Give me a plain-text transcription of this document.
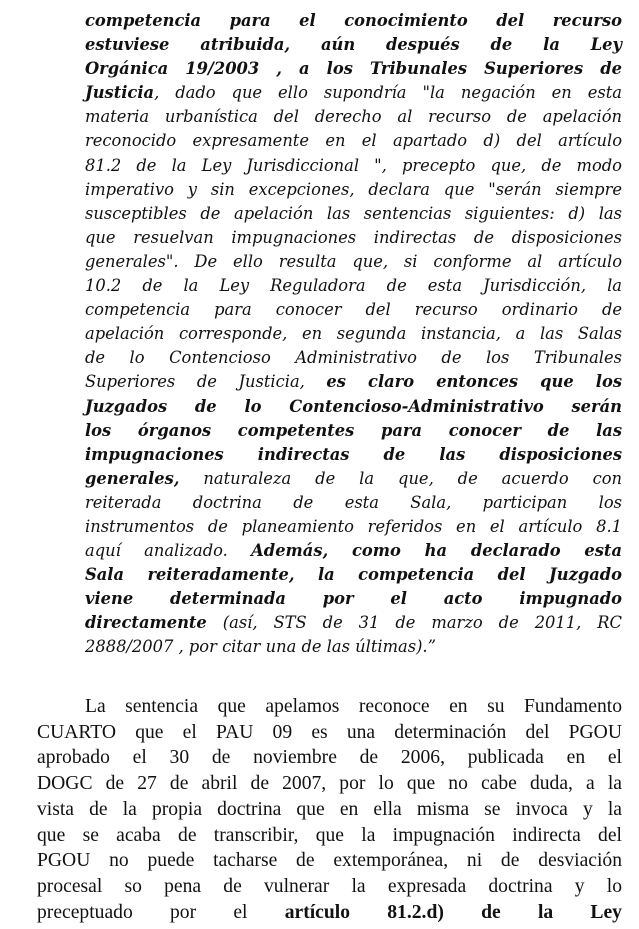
competencia para el conocimiento del recurso
estuviese atribuida, aún después de la Ley
Orgánica 19/2003 , a los Tribunales Superiores de
Justicia, dado que ello supondría "la negación en esta
materia urbanística del derecho al recurso de apelación
reconocido expresamente en el apartado d) del artículo
81.2 de la Ley Jurisdiccional ", precepto que, de modo
imperativo y sin excepciones, declara que "serán siempre
susceptibles de apelación las sentencias siguientes: d) las
que resuelvan impugnaciones indirectas de disposiciones
generales". De ello resulta que, si conforme al artículo
10.2 de la Ley Reguladora de esta Jurisdicción, la
competencia para conocer del recurso ordinario de
apelación corresponde, en segunda instancia, a las Salas
de lo Contencioso Administrativo de los Tribunales
Superiores de Justicia, es claro entonces que los
Juzgados de lo Contencioso-Administrativo serán
los órganos competentes para conocer de las
impugnaciones indirectas de las disposiciones
generales, naturaleza de la que, de acuerdo con
reiterada doctrina de esta Sala, participan los
instrumentos de planeamiento referidos en el artículo 8.1
aquí analizado. Además, como ha declarado esta
Sala reiteradamente, la competencia del Juzgado
viene determinada por el acto impugnado
directamente (así, STS de 31 de marzo de 2011, RC
2888/2007 , por citar una de las últimas).”
La sentencia que apelamos reconoce en su Fundamento
CUARTO que el PAU 09 es una determinación del PGOU
aprobado el 30 de noviembre de 2006, publicada en el
DOGC de 27 de abril de 2007, por lo que no cabe duda, a la
vista de la propia doctrina que en ella misma se invoca y la
que se acaba de transcribir, que la impugnación indirecta del
PGOU no puede tacharse de extemporánea, ni de desviación
procesal so pena de vulnerar la expresada doctrina y lo
preceptuado por el artículo 81.2.d) de la Ley
